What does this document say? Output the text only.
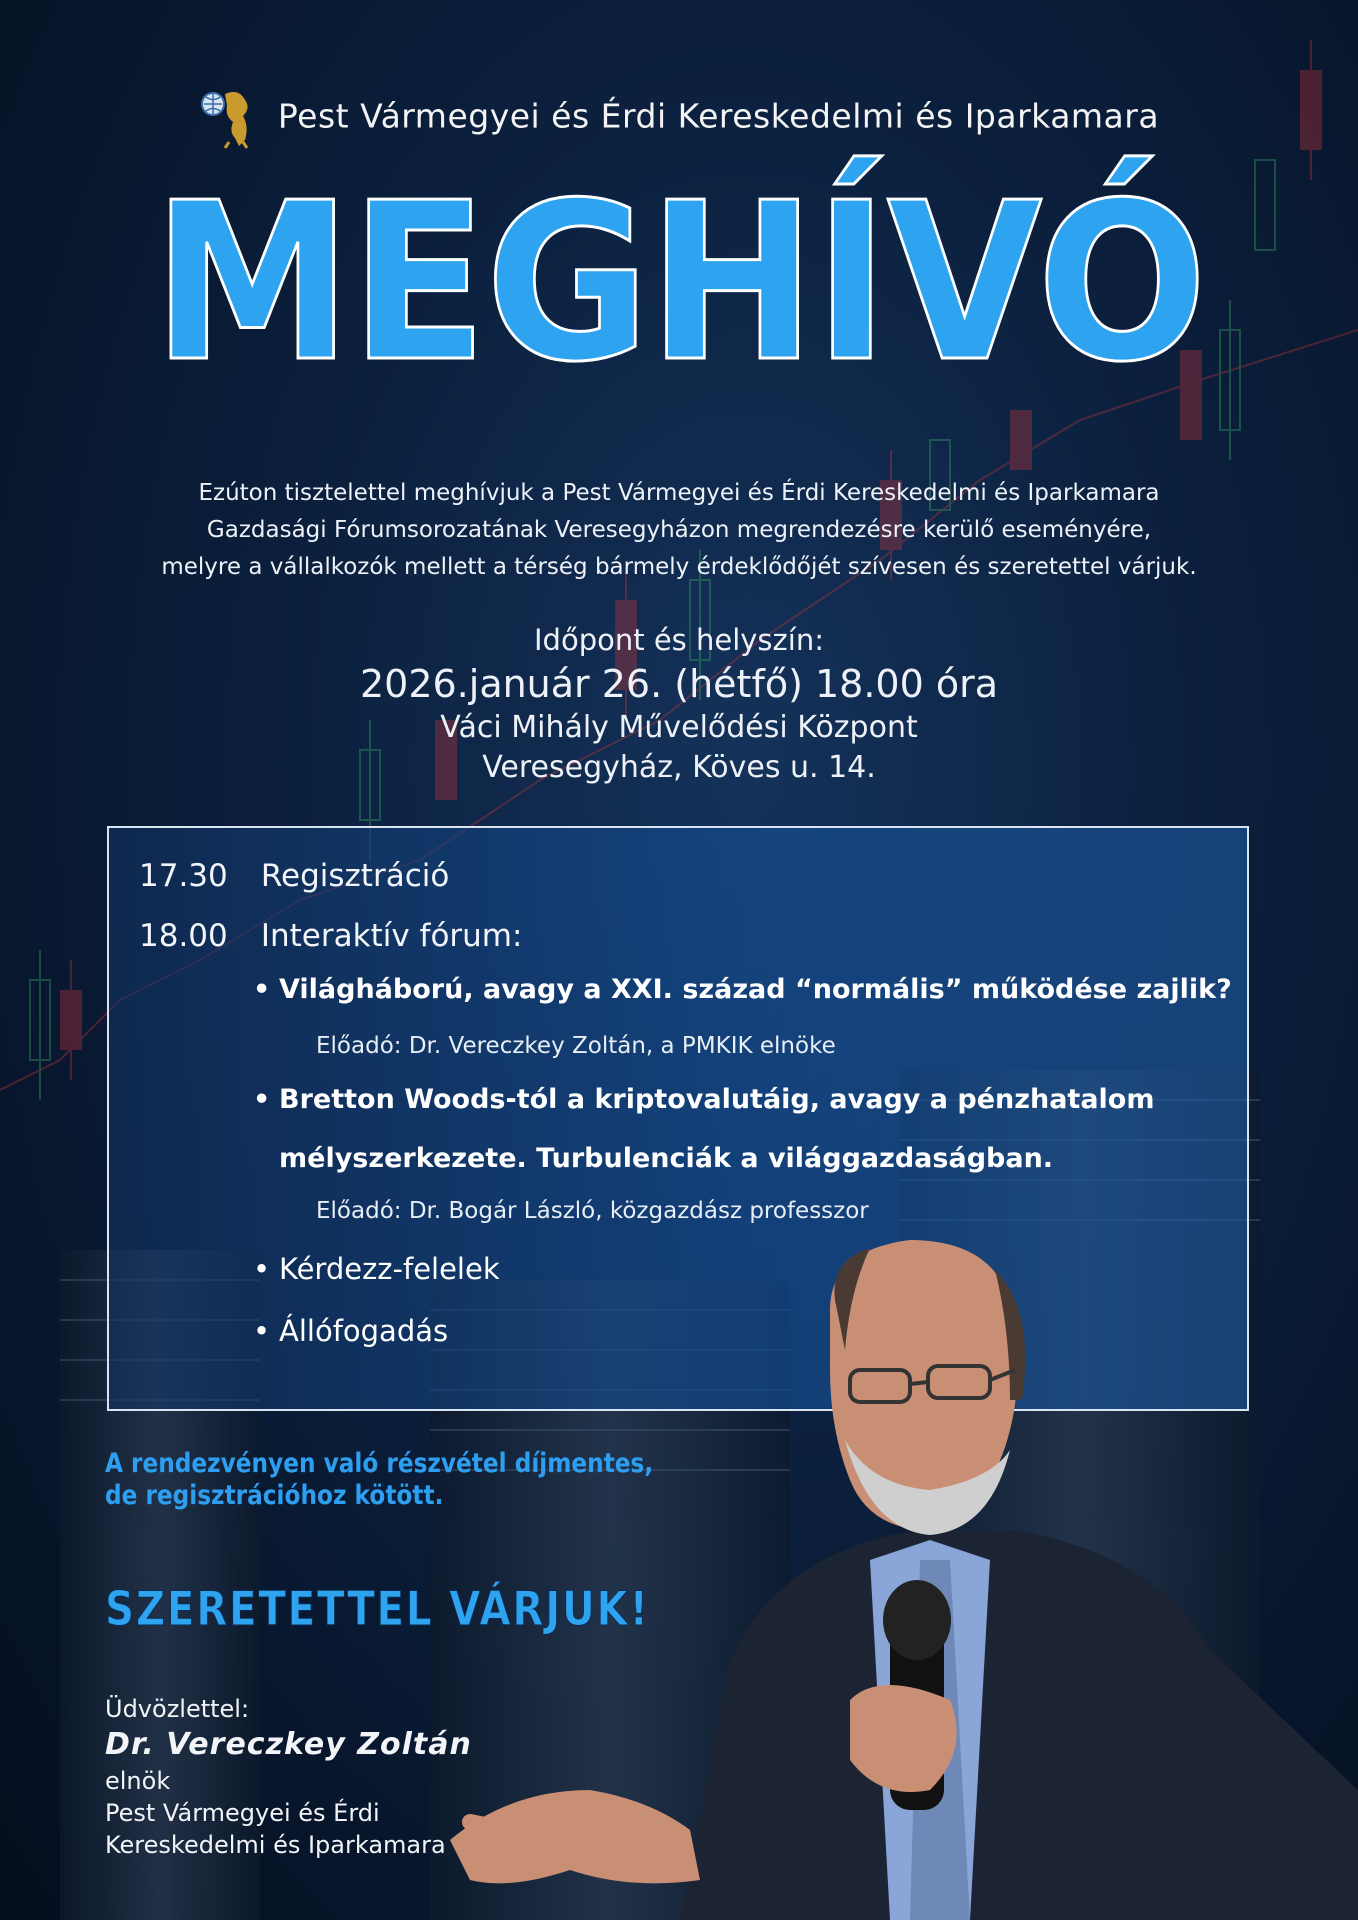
Pest Vármegyei és Érdi Kereskedelmi és Iparkamara
MEGHÍVÓ
Ezúton tisztelettel meghívjuk a Pest Vármegyei és Érdi Kereskedelmi és Iparkamara
Gazdasági Fórumsorozatának Veresegyházon megrendezésre kerülő eseményére,
melyre a vállalkozók mellett a térség bármely érdeklődőjét szívesen és szeretettel várjuk.
Időpont és helyszín:
2026.január 26. (hétfő) 18.00 óra
Váci Mihály Művelődési Központ
Veresegyház, Köves u. 14.
17.30 Regisztráció
18.00 Interaktív fórum:
• Világháború, avagy a XXI. század “normális” működése zajlik?
Előadó: Dr. Vereczkey Zoltán, a PMKIK elnöke
• Bretton Woods-tól a kriptovalutáig, avagy a pénzhatalom
mélyszerkezete. Turbulenciák a világgazdaságban.
Előadó: Dr. Bogár László, közgazdász professzor
• Kérdezz-felelek
• Állófogadás
A rendezvényen való részvétel díjmentes,
de regisztrációhoz kötött.
SZERETETTEL VÁRJUK!
Üdvözlettel:
Dr. Vereczkey Zoltán
elnök
Pest Vármegyei és Érdi
Kereskedelmi és Iparkamara
